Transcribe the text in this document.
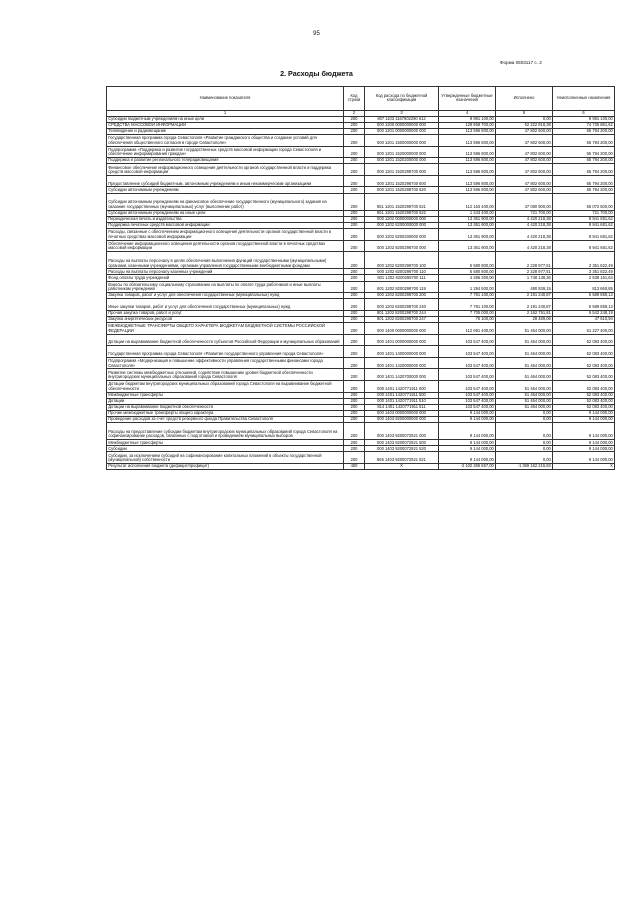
95
Форма 0503117 с. 2
2. Расходы бюджета
Наименование показателя	Код строки	Код расхода по бюджетной классификации	Утвержденные бюджетные назначения	Исполнено	Неисполненные назначения
1	2	3	4	5	6
Субсидии бюджетным учреждениям на иные цели	200	807 1103 1167602290 612	9 991 100,00	0,00	9 991 100,00
СРЕДСТВА МАССОВОЙ ИНФОРМАЦИИ	200	000 1200 0000000000 000	128 958 700,00	52 222 818,38	74 735 881,62
Телевидение и радиовещание	200	000 1201 0000000000 000	113 596 800,00	47 802 600,00	65 794 200,00
Государственная программа города Севастополя «Развитие гражданского общества и создание условий для обеспечения общественного согласия в городе Севастополе»	200	000 1201 1500000000 000	113 596 800,00	47 802 600,00	65 794 200,00
Подпрограмма «Поддержка и развитие государственных средств массовой информации города Севастополя и обеспечение информирования граждан»	200	000 1201 1520000000 000	113 596 800,00	47 802 600,00	65 794 200,00
Поддержка и развитие регионального телерадиовещания	200	000 1201 1520200000 000	113 596 800,00	47 802 600,00	65 794 200,00
Финансовое обеспечение информационного освещения деятельности органов государственной власти и поддержка средств массовой информации	200	000 1201 1520298700 000	113 596 800,00	47 802 600,00	65 794 200,00
Предоставление субсидий бюджетным, автономным учреждениям и иным некоммерческим организациям	200	000 1201 1520298700 600	113 596 800,00	47 802 600,00	65 794 200,00
Субсидии автономным учреждениям	200	000 1201 1520298700 620	113 596 800,00	47 802 600,00	65 794 200,00
Субсидии автономным учреждениям на финансовое обеспечение государственного (муниципального) задания на оказание государственных (муниципальных) услуг (выполнение работ)	200	851 1201 1520298700 621	112 153 400,00	47 080 900,00	65 072 500,00
Субсидии автономным учреждениям на иные цели	200	851 1201 1520298700 622	1 443 400,00	721 700,00	721 700,00
Периодическая печать и издательства	200	000 1202 0000000000 000	13 361 900,00	4 420 218,38	8 941 681,62
Поддержка печатных средств массовой информации	200	000 1202 8200000000 000	13 361 900,00	4 420 218,38	8 941 681,62
Расходы, связанные с обеспечением информационного освещения деятельности органов государственной власти в печатных средствах массовой информации	200	000 1202 8200200000 000	13 361 900,00	4 420 218,38	8 941 681,62
Обеспечение информационного освещения деятельности органов государственной власти в печатных средствах массовой информации	200	000 1202 8200298700 000	13 361 900,00	4 420 218,38	8 941 681,62
Расходы на выплаты персоналу в целях обеспечения выполнения функций государственными (муниципальными) органами, казенными учреждениями, органами управления государственными внебюджетными фондами	200	000 1202 8200298700 100	5 580 800,00	2 228 977,51	3 351 822,49
Расходы на выплаты персоналу казенных учреждений	200	000 1202 8200298700 110	5 580 800,00	2 228 977,51	3 351 822,49
Фонд оплаты труда учреждений	200	801 1202 8200298700 111	4 286 300,00	1 748 138,36	2 538 161,64
Взносы по обязательному социальному страхованию на выплаты по оплате труда работников и иные выплаты работникам учреждений	200	801 1202 8200298700 119	1 294 500,00	480 839,15	813 660,85
Закупка товаров, работ и услуг для обеспечения государственных (муниципальных) нужд	200	000 1202 8200298700 200	7 781 100,00	2 191 240,87	5 589 859,13
Иные закупки товаров, работ и услуг для обеспечения государственных (муниципальных) нужд	200	000 1202 8200298700 240	7 781 100,00	2 191 240,87	5 589 859,13
Прочая закупка товаров, работ и услуг	200	801 1202 8200298700 244	7 705 000,00	2 162 751,81	5 542 248,19
Закупка энергетических ресурсов	200	801 1202 8200298700 247	76 100,00	28 489,06	47 610,94
МЕЖБЮДЖЕТНЫЕ ТРАНСФЕРТЫ ОБЩЕГО ХАРАКТЕРА БЮДЖЕТАМ БЮДЖЕТНОЙ СИСТЕМЫ РОССИЙСКОЙ ФЕДЕРАЦИИ	200	000 1400 0000000000 000	112 691 400,00	51 464 000,00	61 227 400,00
Дотации на выравнивание бюджетной обеспеченности субъектов Российской Федерации и муниципальных образований	200	000 1401 0000000000 000	103 547 400,00	51 464 000,00	52 083 400,00
Государственная программа города Севастополя «Развитие государственного управления города Севастополя»	200	000 1401 1400000000 000	103 547 400,00	51 464 000,00	52 083 400,00
Подпрограмма «Модернизация и повышение эффективности управления государственными финансами города Севастополя»	200	000 1401 1420000000 000	103 547 400,00	51 464 000,00	52 083 400,00
Развитие системы межбюджетных отношений, содействие повышению уровня бюджетной обеспеченности внутригородских муниципальных образований города Севастополя	200	000 1401 1420700000 000	103 547 400,00	51 464 000,00	52 083 400,00
Дотации бюджетам внутригородских муниципальных образований города Севастополя на выравнивание бюджетной обеспеченности	200	000 1401 1420771911 000	103 547 400,00	51 464 000,00	52 083 400,00
Межбюджетные трансферты	200	000 1401 1420771911 500	103 547 400,00	51 464 000,00	52 083 400,00
Дотации	200	000 1401 1420771911 510	103 547 400,00	51 464 000,00	52 083 400,00
Дотации на выравнивание бюджетной обеспеченности	200	814 1401 1420771911 511	103 547 400,00	51 464 000,00	52 083 400,00
Прочие межбюджетные трансферты общего характера	200	000 1403 0000000000 000	9 144 000,00	0,00	9 144 000,00
Проведение расходов за счет средств резервного фонда Правительства Севастополя	200	000 1403 9200000000 000	9 144 000,00	0,00	9 144 000,00
Расходы на предоставление субсидии бюджетам внутригородских муниципальных образований города Севастополя на софинансирование расходов, связанных с подготовкой и проведением муниципальных выборов	200	000 1403 9200072921 000	9 144 000,00	0,00	9 144 000,00
Межбюджетные трансферты	200	000 1403 9200072921 500	9 144 000,00	0,00	9 144 000,00
Субсидии	200	000 1403 9200072921 520	9 144 000,00	0,00	9 144 000,00
Субсидии, за исключением субсидий на софинансирование капитальных вложений в объекты государственной (муниципальной) собственности	200	865 1403 9200072921 521	9 144 000,00	0,00	9 144 000,00
Результат исполнения бюджета (дефицит/профицит)	450	X	-2 102 265 557,00	-1 369 162 216,83	X
